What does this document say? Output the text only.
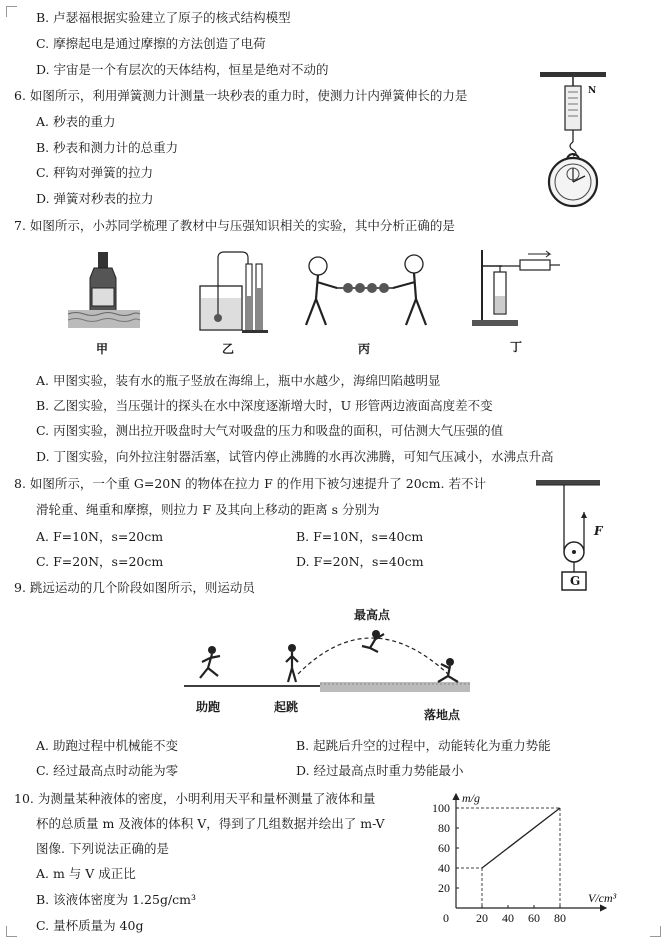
B. 卢瑟福根据实验建立了原子的核式结构模型
C. 摩擦起电是通过摩擦的方法创造了电荷
D. 宇宙是一个有层次的天体结构，恒星是绝对不动的
6. 如图所示，利用弹簧测力计测量一块秒表的重力时，使测力计内弹簧伸长的力是
A. 秒表的重力
B. 秒表和测力计的总重力
C. 秤钩对弹簧的拉力
D. 弹簧对秒表的拉力
N
7. 如图所示，小苏同学梳理了教材中与压强知识相关的实验，其中分析正确的是
甲	乙	丙	丁
A. 甲图实验，装有水的瓶子竖放在海绵上，瓶中水越少，海绵凹陷越明显
B. 乙图实验，当压强计的探头在水中深度逐渐增大时，U 形管两边液面高度差不变
C. 丙图实验，测出拉开吸盘时大气对吸盘的压力和吸盘的面积，可估测大气压强的值
D. 丁图实验，向外拉注射器活塞，试管内停止沸腾的水再次沸腾，可知气压减小，水沸点升高
8. 如图所示，一个重 G=20N 的物体在拉力 F 的作用下被匀速提升了 20cm. 若不计
滑轮重、绳重和摩擦，则拉力 F 及其向上移动的距离 s 分别为
A. F=10N，s=20cm	B. F=10N，s=40cm
C. F=20N，s=20cm	D. F=20N，s=40cm
F
G
9. 跳远运动的几个阶段如图所示，则运动员
最高点
助跑	起跳
落地点
A. 助跑过程中机械能不变	B. 起跳后升空的过程中，动能转化为重力势能
C. 经过最高点时动能为零	D. 经过最高点时重力势能最小
10. 为测量某种液体的密度，小明利用天平和量杯测量了液体和量
杯的总质量 m 及液体的体积 V，得到了几组数据并绘出了 m-V
图像. 下列说法正确的是
A. m 与 V 成正比
B. 该液体密度为 1.25g/cm³
C. 量杯质量为 40g	0 20 40 60 80
20
40
60
80
100
V/cm³
m/g
